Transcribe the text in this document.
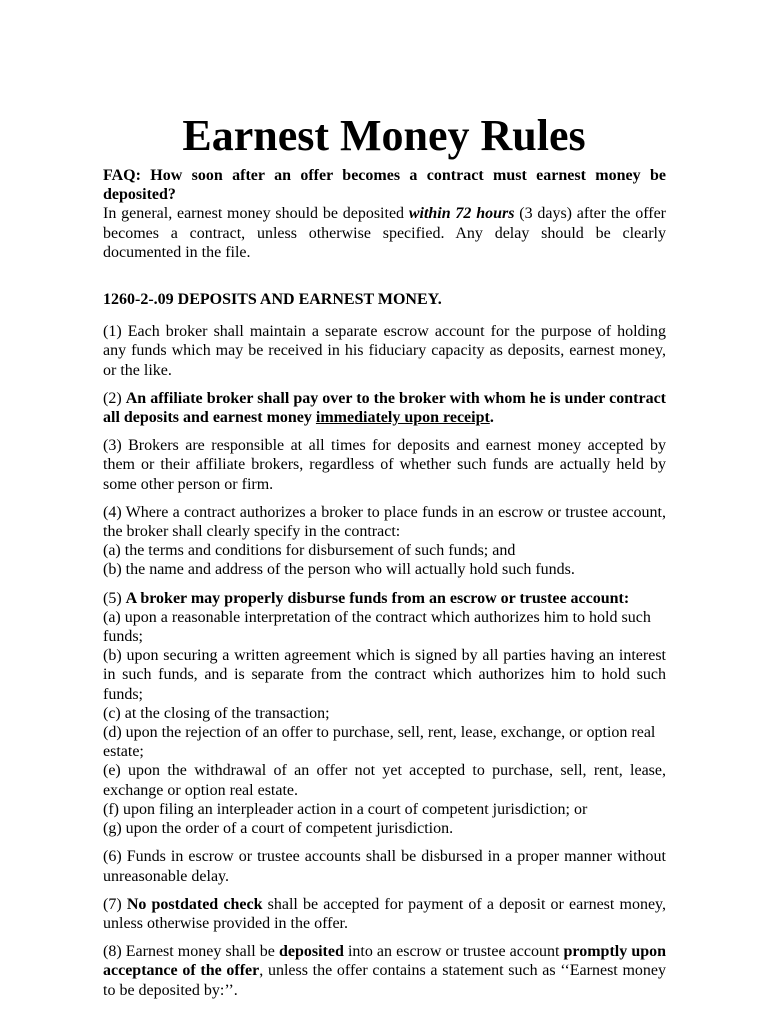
Earnest Money Rules

FAQ: How soon after an offer becomes a contract must earnest money be deposited?
In general, earnest money should be deposited within 72 hours (3 days) after the offer becomes a contract, unless otherwise specified. Any delay should be clearly documented in the file.

1260-2-.09 DEPOSITS AND EARNEST MONEY.

(1) Each broker shall maintain a separate escrow account for the purpose of holding any funds which may be received in his fiduciary capacity as deposits, earnest money, or the like.

(2) An affiliate broker shall pay over to the broker with whom he is under contract all deposits and earnest money immediately upon receipt.

(3) Brokers are responsible at all times for deposits and earnest money accepted by them or their affiliate brokers, regardless of whether such funds are actually held by some other person or firm.

(4) Where a contract authorizes a broker to place funds in an escrow or trustee account, the broker shall clearly specify in the contract:
(a) the terms and conditions for disbursement of such funds; and
(b) the name and address of the person who will actually hold such funds.

(5) A broker may properly disburse funds from an escrow or trustee account:
(a) upon a reasonable interpretation of the contract which authorizes him to hold such funds;
(b) upon securing a written agreement which is signed by all parties having an interest in such funds, and is separate from the contract which authorizes him to hold such funds;
(c) at the closing of the transaction;
(d) upon the rejection of an offer to purchase, sell, rent, lease, exchange, or option real estate;
(e) upon the withdrawal of an offer not yet accepted to purchase, sell, rent, lease, exchange or option real estate.
(f) upon filing an interpleader action in a court of competent jurisdiction; or
(g) upon the order of a court of competent jurisdiction.

(6) Funds in escrow or trustee accounts shall be disbursed in a proper manner without unreasonable delay.

(7) No postdated check shall be accepted for payment of a deposit or earnest money, unless otherwise provided in the offer.

(8) Earnest money shall be deposited into an escrow or trustee account promptly upon acceptance of the offer, unless the offer contains a statement such as ‘‘Earnest money to be deposited by:’’.
